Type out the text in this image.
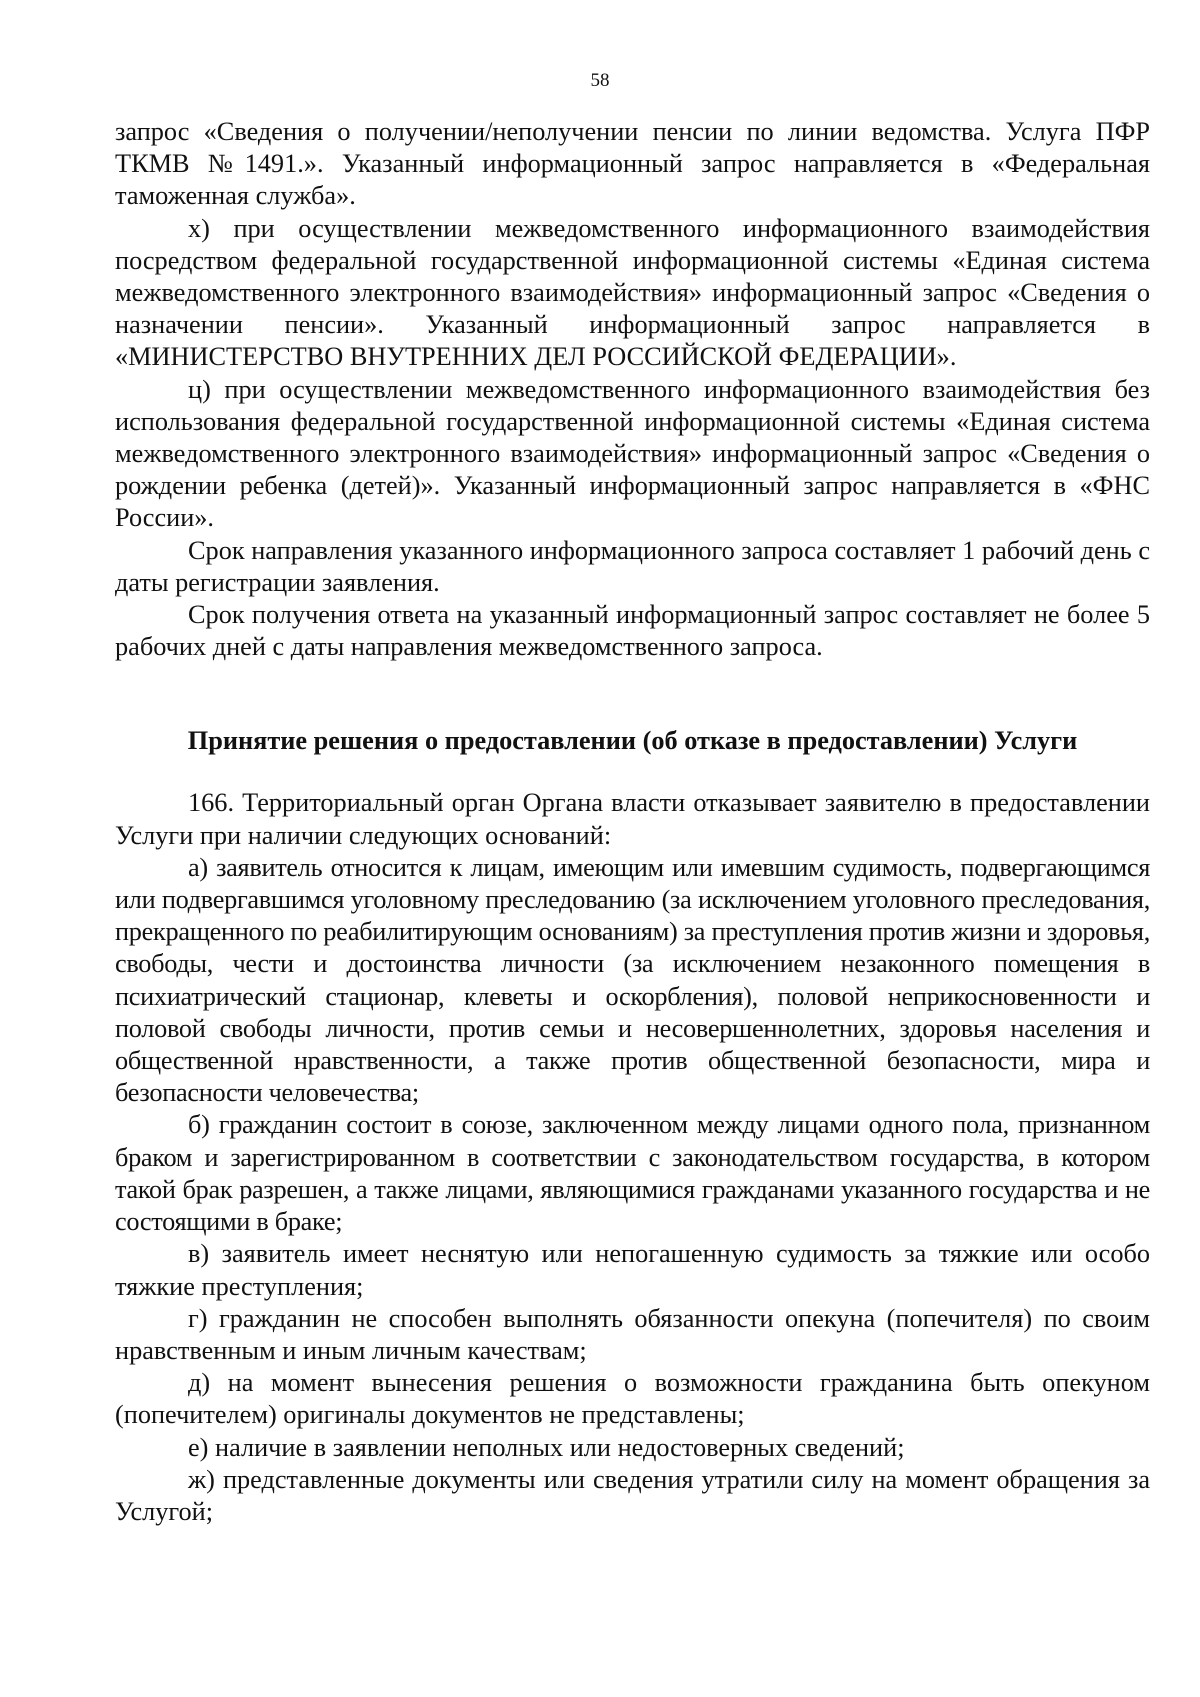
58

запрос «Сведения о получении/неполучении пенсии по линии ведомства. Услуга ПФР ТКМВ №1491.». Указанный информационный запрос направляется в «Федеральная таможенная служба».

х) при осуществлении межведомственного информационного взаимодействия посредством федеральной государственной информационной системы «Единая система межведомственного электронного взаимодействия» информационный запрос «Сведения о назначении пенсии». Указанный информационный запрос направляется в «МИНИСТЕРСТВО ВНУТРЕННИХ ДЕЛ РОССИЙСКОЙ ФЕДЕРАЦИИ».

ц) при осуществлении межведомственного информационного взаимодействия без использования федеральной государственной информационной системы «Единая система межведомственного электронного взаимодействия» информационный запрос «Сведения о рождении ребенка (детей)». Указанный информационный запрос направляется в «ФНС России».

Срок направления указанного информационного запроса составляет 1 рабочий день с даты регистрации заявления.

Срок получения ответа на указанный информационный запрос составляет не более 5 рабочих дней с даты направления межведомственного запроса.

Принятие решения о предоставлении (об отказе в предоставлении) Услуги

166. Территориальный орган Органа власти отказывает заявителю в предоставлении Услуги при наличии следующих оснований:

а) заявитель относится к лицам, имеющим или имевшим судимость, подвергающимся или подвергавшимся уголовному преследованию (за исключением уголовного преследования, прекращенного по реабилитирующим основаниям) за преступления против жизни и здоровья, свободы, чести и достоинства личности (за исключением незаконного помещения в психиатрический стационар, клеветы и оскорбления), половой неприкосновенности и половой свободы личности, против семьи и несовершеннолетних, здоровья населения и общественной нравственности, а также против общественной безопасности, мира и безопасности человечества;

б) гражданин состоит в союзе, заключенном между лицами одного пола, признанном браком и зарегистрированном в соответствии с законодательством государства, в котором такой брак разрешен, а также лицами, являющимися гражданами указанного государства и не состоящими в браке;

в) заявитель имеет неснятую или непогашенную судимость за тяжкие или особо тяжкие преступления;

г) гражданин не способен выполнять обязанности опекуна (попечителя) по своим нравственным и иным личным качествам;

д) на момент вынесения решения о возможности гражданина быть опекуном (попечителем) оригиналы документов не представлены;

е) наличие в заявлении неполных или недостоверных сведений;

ж) представленные документы или сведения утратили силу на момент обращения за Услугой;
